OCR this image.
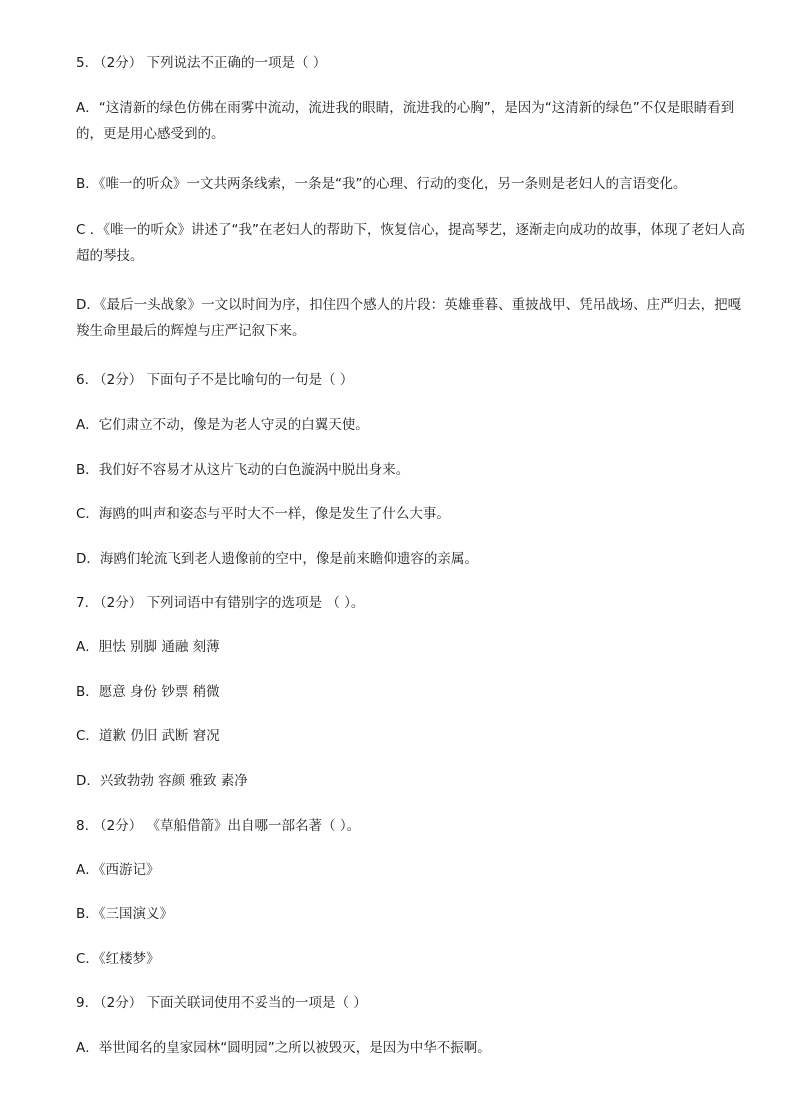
5. （2分） 下列说法不正确的一项是（ ）
A．“这清新的绿色仿佛在雨雾中流动，流进我的眼睛，流进我的心胸”，是因为“这清新的绿色”不仅是眼睛看到的，更是用心感受到的。
B．《唯一的听众》一文共两条线索，一条是“我”的心理、行动的变化，另一条则是老妇人的言语变化。
C ．《唯一的听众》讲述了“我”在老妇人的帮助下，恢复信心，提高琴艺，逐渐走向成功的故事，体现了老妇人高超的琴技。
D．《最后一头战象》一文以时间为序，扣住四个感人的片段：英雄垂暮、重披战甲、凭吊战场、庄严归去，把嘎羧生命里最后的辉煌与庄严记叙下来。
6. （2分） 下面句子不是比喻句的一句是（ ）
A．它们肃立不动，像是为老人守灵的白翼天使。
B．我们好不容易才从这片飞动的白色漩涡中脱出身来。
C．海鸥的叫声和姿态与平时大不一样，像是发生了什么大事。
D．海鸥们轮流飞到老人遗像前的空中，像是前来瞻仰遗容的亲属。
7. （2分） 下列词语中有错别字的选项是 （ ）。
A．胆怯 别脚 通融 刻薄
B．愿意 身份 钞票 稍微
C．道歉 仍旧 武断 窘况
D．兴致勃勃 容颜 雅致 素净
8. （2分） 《草船借箭》出自哪一部名著（ ）。
A．《西游记》
B．《三国演义》
C．《红楼梦》
9. （2分） 下面关联词使用不妥当的一项是（ ）
A．举世闻名的皇家园林“圆明园”之所以被毁灭，是因为中华不振啊。
